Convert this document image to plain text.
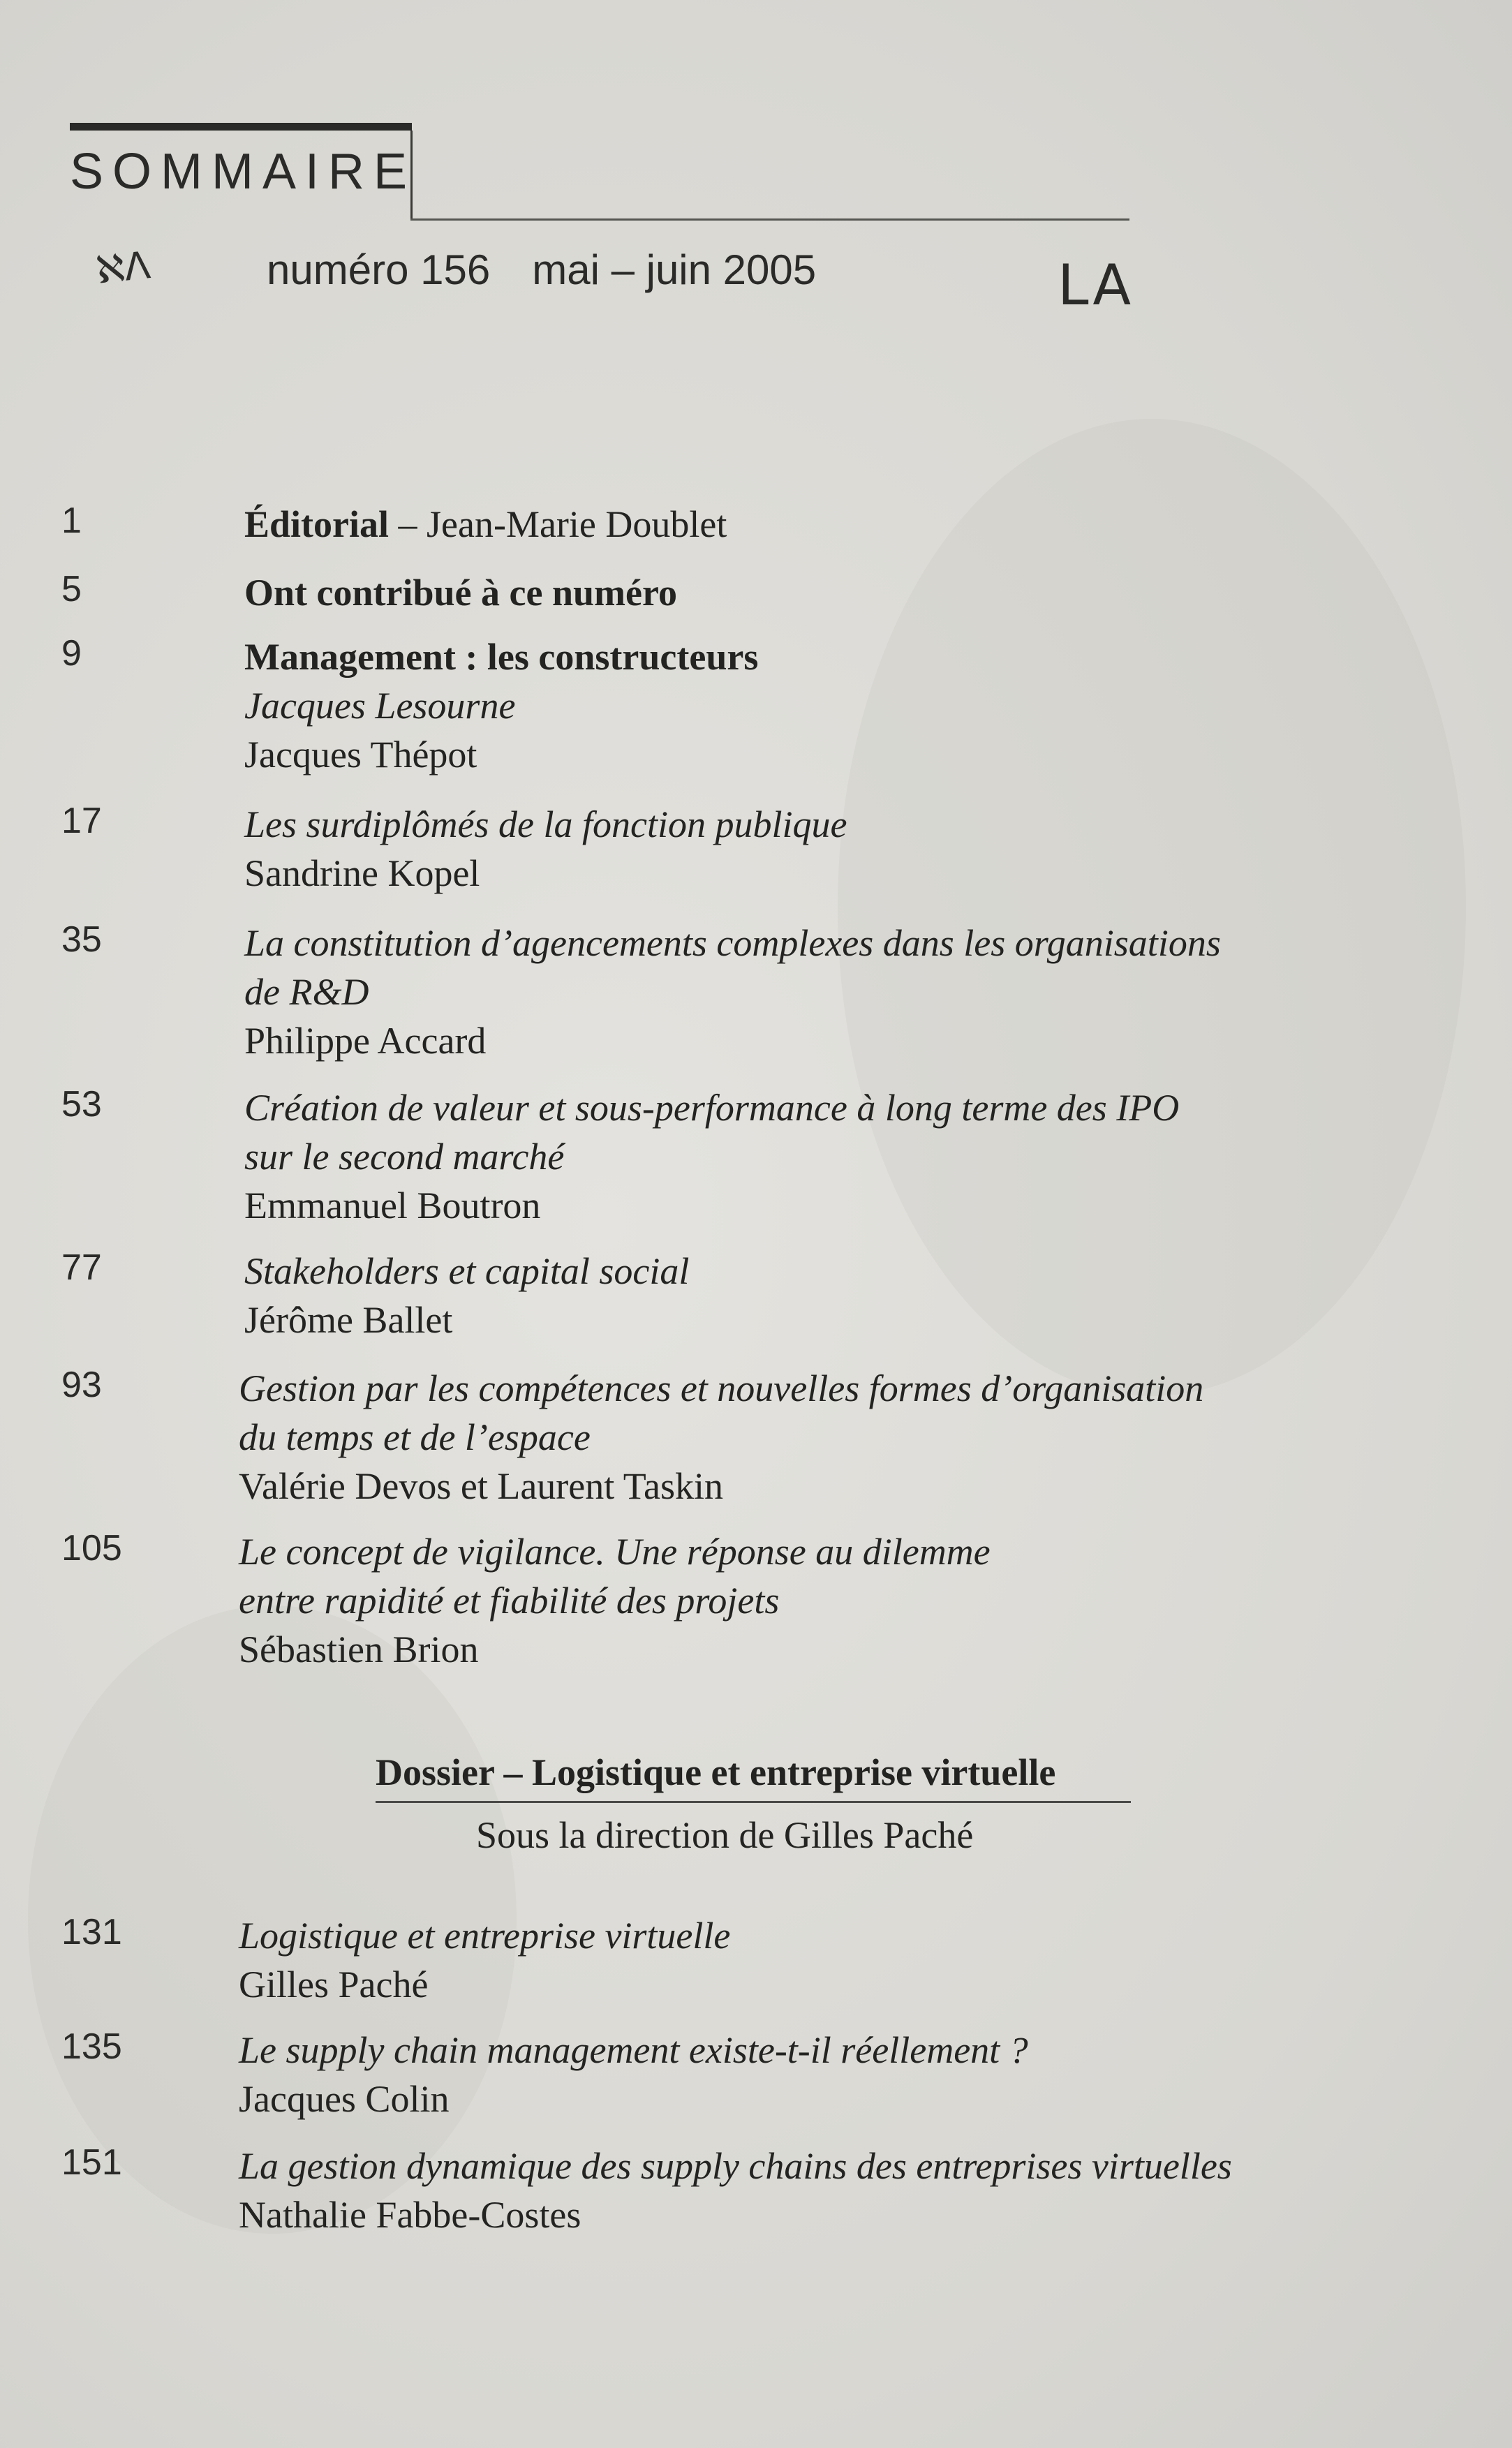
SOMMAIRE
ℵΛ	numéro 156 mai – juin 2005	LA
1	Éditorial – Jean-Marie Doublet
5	Ont contribué à ce numéro
9	Management : les constructeurs
Jacques Lesourne
Jacques Thépot
17	Les surdiplômés de la fonction publique
Sandrine Kopel
35	La constitution d’agencements complexes dans les organisations
de R&D
Philippe Accard
53	Création de valeur et sous-performance à long terme des IPO
sur le second marché
Emmanuel Boutron
77	Stakeholders et capital social
Jérôme Ballet
93	Gestion par les compétences et nouvelles formes d’organisation
du temps et de l’espace
Valérie Devos et Laurent Taskin
105	Le concept de vigilance. Une réponse au dilemme
entre rapidité et fiabilité des projets
Sébastien Brion
Dossier – Logistique et entreprise virtuelle
Sous la direction de Gilles Paché
131	Logistique et entreprise virtuelle
Gilles Paché
135	Le supply chain management existe-t-il réellement ?
Jacques Colin
151	La gestion dynamique des supply chains des entreprises virtuelles
Nathalie Fabbe-Costes
